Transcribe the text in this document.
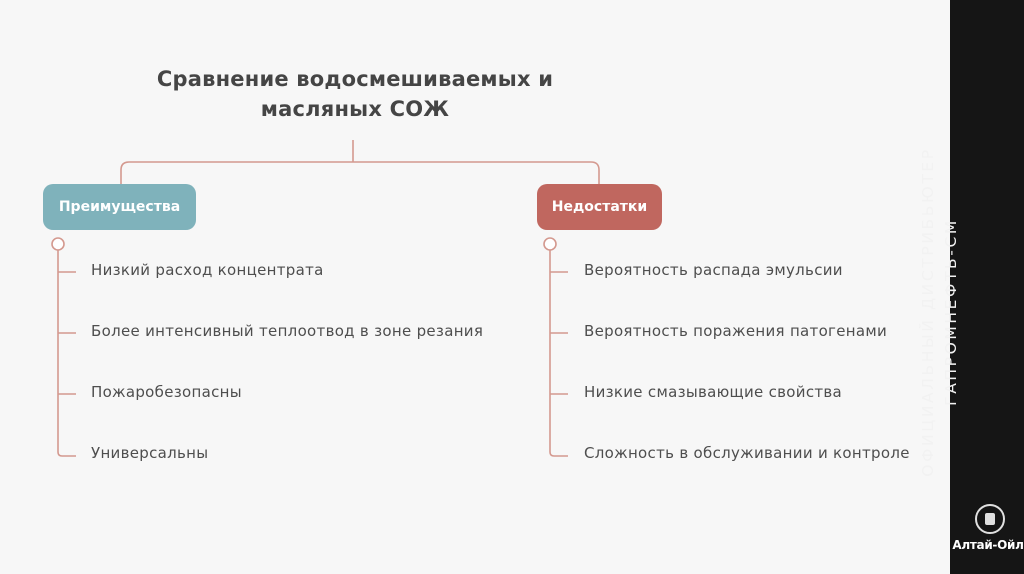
Сравнение водосмешиваемых и
масляных СОЖ
Преимущества	Недостатки
Низкий расход концентрата
Более интенсивный теплоотвод в зоне резания
Пожаробезопасны
Универсальны
Вероятность распада эмульсии
Вероятность поражения патогенами
Низкие смазывающие свойства
Сложность в обслуживании и контроле ОФИЦИАЛЬНЫЙ ДИСТРИБЬЮТЕР ГАПРОМНЕФТЬ-СМ
Алтай-Ойл
